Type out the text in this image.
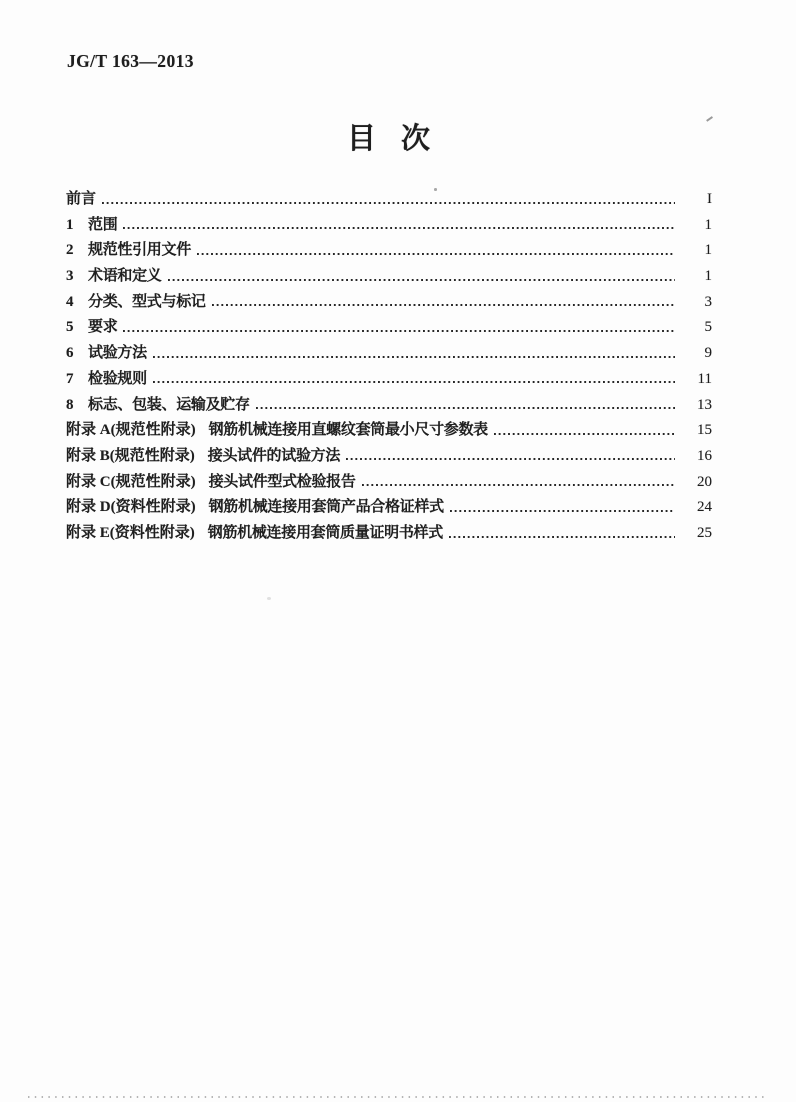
JG/T 163—2013
目次
前言	I
1 范围	1
2 规范性引用文件	1
3 术语和定义	1
4 分类、型式与标记	3
5 要求	5
6 试验方法	9
7 检验规则	11
8 标志、包装、运输及贮存	13
附录 A(规范性附录) 钢筋机械连接用直螺纹套筒最小尺寸参数表	15
附录 B(规范性附录) 接头试件的试验方法	16
附录 C(规范性附录) 接头试件型式检验报告	20
附录 D(资料性附录) 钢筋机械连接用套筒产品合格证样式	24
附录 E(资料性附录) 钢筋机械连接用套筒质量证明书样式	25
